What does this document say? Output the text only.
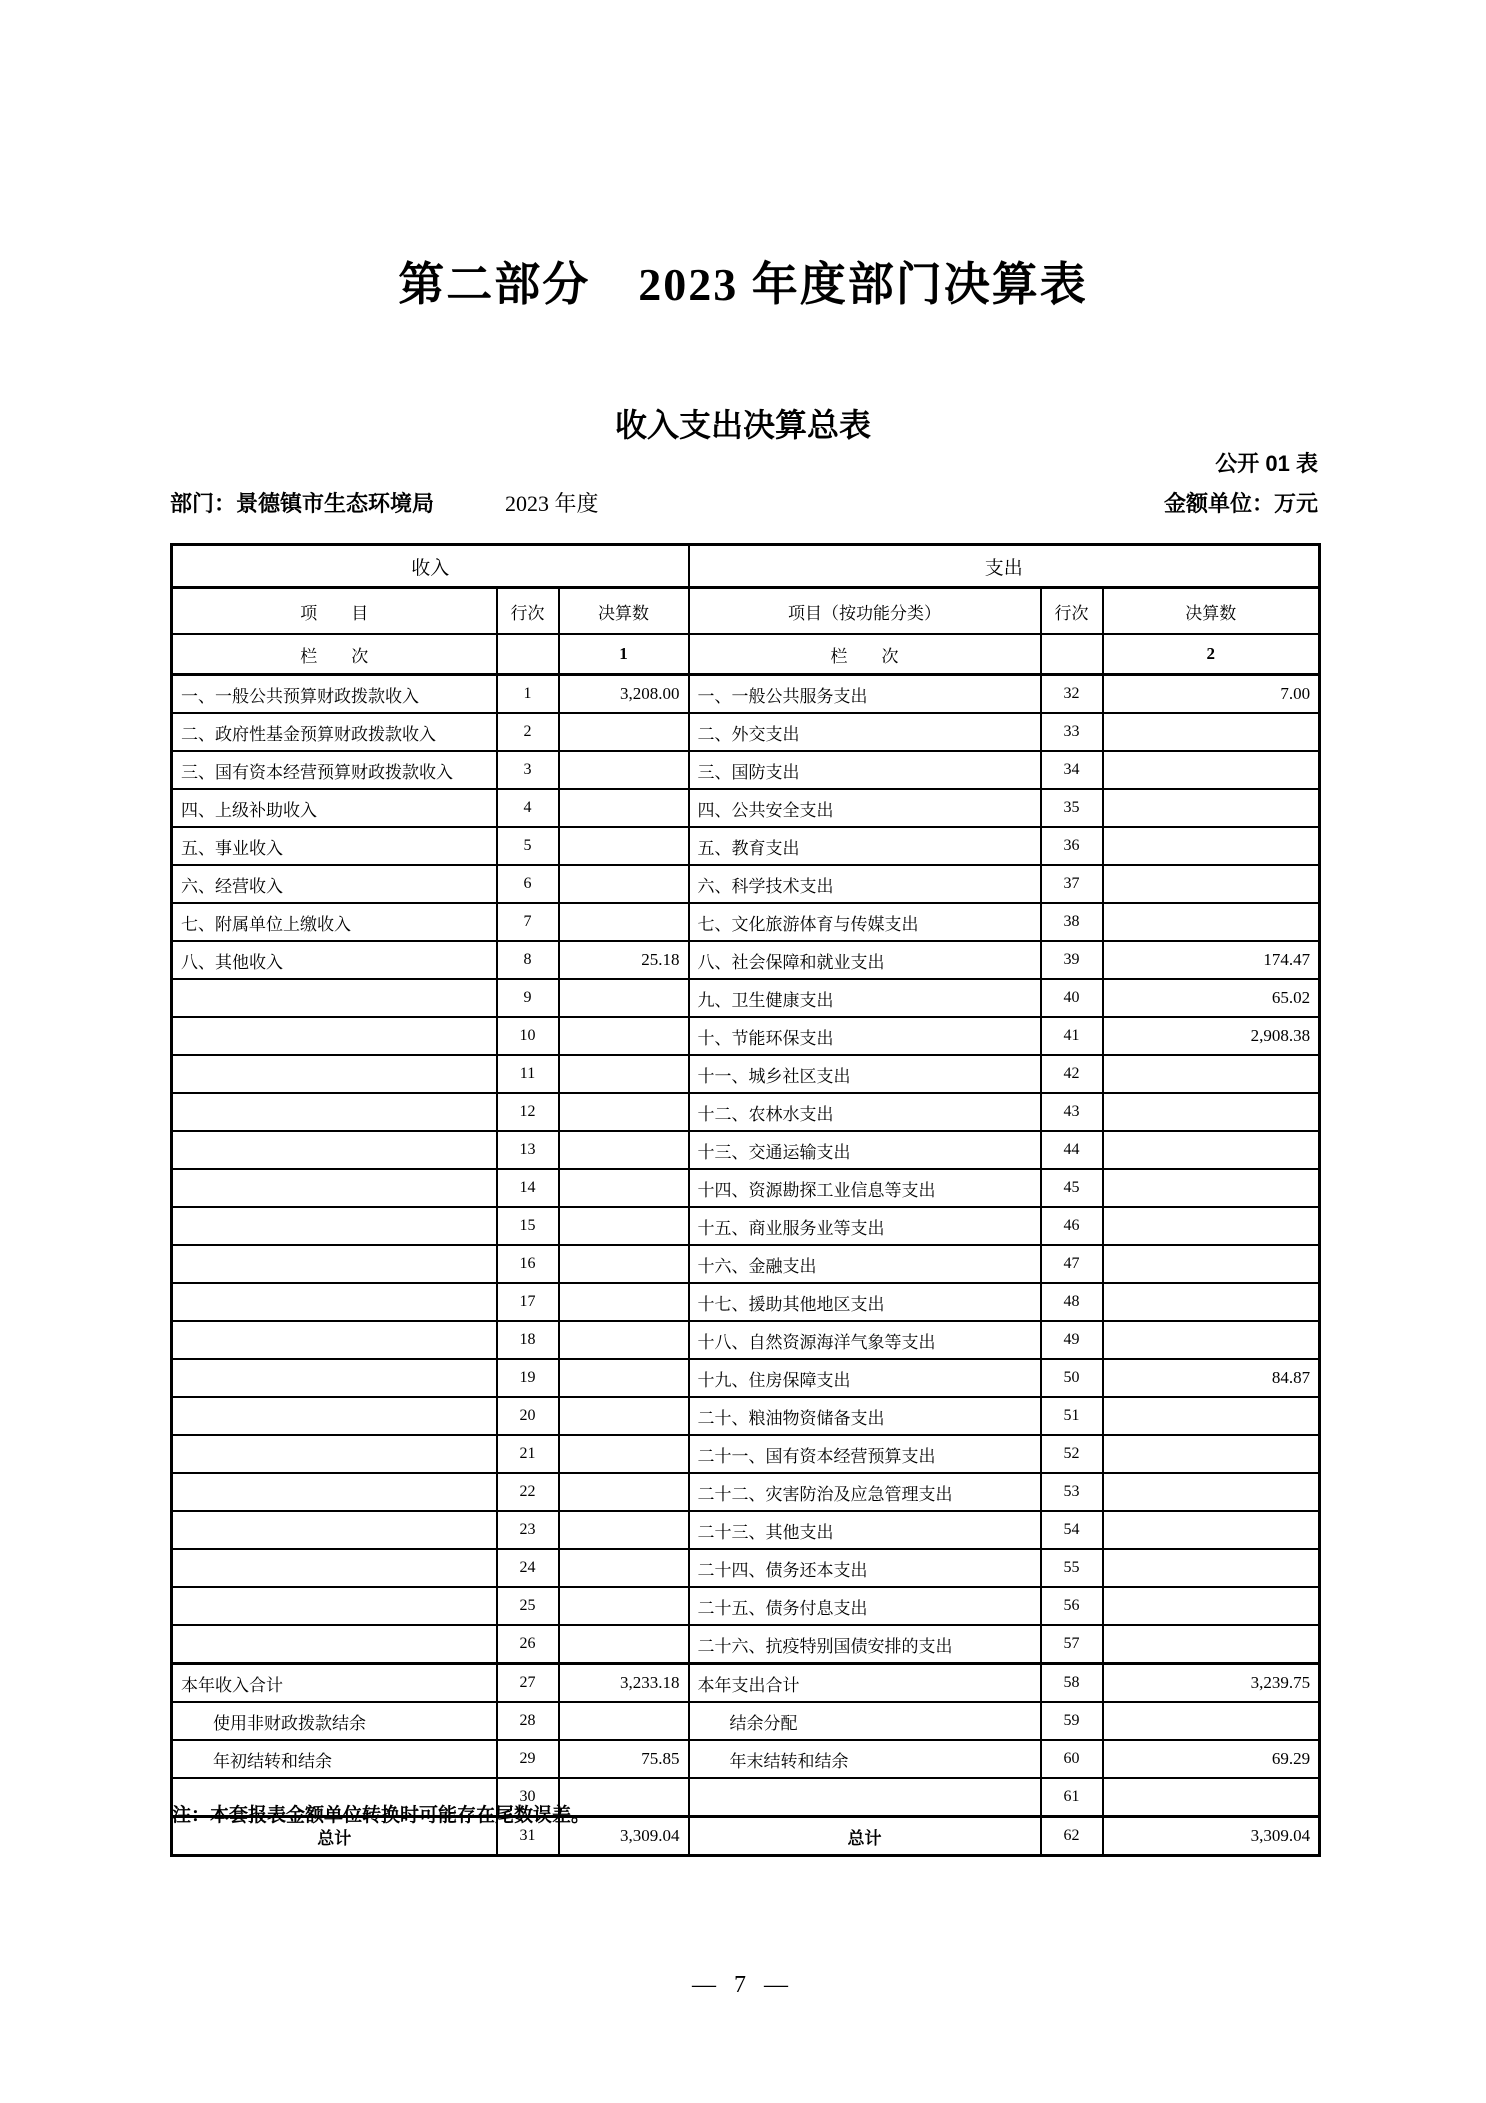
第二部分　2023 年度部门决算表
收入支出决算总表
公开 01 表
部门：景德镇市生态环境局	2023 年度	金额单位：万元
收入			支出		
项　　目	行次	决算数	项目（按功能分类）	行次	决算数
栏　　次		1	栏　　次		2
一、一般公共预算财政拨款收入	1	3,208.00	一、一般公共服务支出	32	7.00
二、政府性基金预算财政拨款收入	2		二、外交支出	33	
三、国有资本经营预算财政拨款收入	3		三、国防支出	34	
四、上级补助收入	4		四、公共安全支出	35	
五、事业收入	5		五、教育支出	36	
六、经营收入	6		六、科学技术支出	37	
七、附属单位上缴收入	7		七、文化旅游体育与传媒支出	38	
八、其他收入	8	25.18	八、社会保障和就业支出	39	174.47
	9		九、卫生健康支出	40	65.02
	10		十、节能环保支出	41	2,908.38
	11		十一、城乡社区支出	42	
	12		十二、农林水支出	43	
	13		十三、交通运输支出	44	
	14		十四、资源勘探工业信息等支出	45	
	15		十五、商业服务业等支出	46	
	16		十六、金融支出	47	
	17		十七、援助其他地区支出	48	
	18		十八、自然资源海洋气象等支出	49	
	19		十九、住房保障支出	50	84.87
	20		二十、粮油物资储备支出	51	
	21		二十一、国有资本经营预算支出	52	
	22		二十二、灾害防治及应急管理支出	53	
	23		二十三、其他支出	54	
	24		二十四、债务还本支出	55	
	25		二十五、债务付息支出	56	
	26		二十六、抗疫特别国债安排的支出	57	
本年收入合计	27	3,233.18	本年支出合计	58	3,239.75
使用非财政拨款结余	28		结余分配	59	
年初结转和结余	29	75.85	年末结转和结余	60	69.29
	30			61	
总计	31	3,309.04	总计	62	3,309.04
注：本套报表金额单位转换时可能存在尾数误差。
— 7 —
